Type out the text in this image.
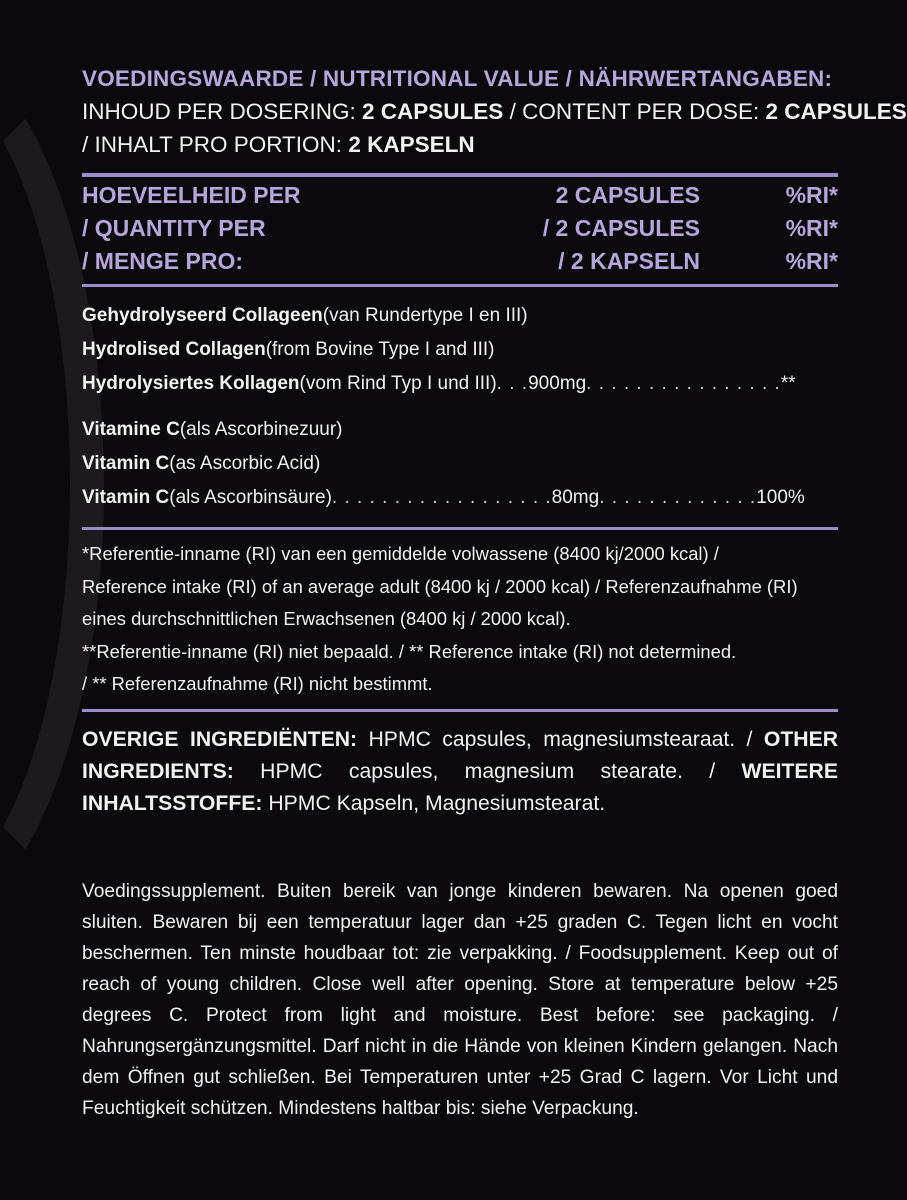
VOEDINGSWAARDE / NUTRITIONAL VALUE / NÄHRWERTANGABEN:
INHOUD PER DOSERING: 2 CAPSULES / CONTENT PER DOSE: 2 CAPSULES
/ INHALT PRO PORTION: 2 KAPSELN
HOEVEELHEID PER	2 CAPSULES	%RI*
/ QUANTITY PER	/ 2 CAPSULES	%RI*
/ MENGE PRO:	/ 2 KAPSELN	%RI*
Gehydrolyseerd Collageen (van Rundertype I en III)
Hydrolised Collagen (from Bovine Type I and III)
Hydrolysiertes Kollagen (vom Rind Typ I und III) . . . 900mg . . . . . . . . . . . . . . . . **
Vitamine C (als Ascorbinezuur)
Vitamin C (as Ascorbic Acid)
Vitamin C (als Ascorbinsäure) . . . . . . . . . . . . . . . . . . 80mg . . . . . . . . . . . . . 100%
*Referentie-inname (RI) van een gemiddelde volwassene (8400 kj/2000 kcal) /
Reference intake (RI) of an average adult (8400 kj / 2000 kcal) / Referenzaufnahme (RI)
eines durchschnittlichen Erwachsenen (8400 kj / 2000 kcal).
**Referentie-inname (RI) niet bepaald. / ** Reference intake (RI) not determined.
/ ** Referenzaufnahme (RI) nicht bestimmt.
OVERIGE INGREDIËNTEN: HPMC capsules, magnesiumstearaat. / OTHER INGREDIENTS: HPMC capsules, magnesium stearate. / WEITERE INHALTSSTOFFE: HPMC Kapseln, Magnesiumstearat.
Voedingssupplement. Buiten bereik van jonge kinderen bewaren. Na openen goed sluiten. Bewaren bij een temperatuur lager dan +25 graden C. Tegen licht en vocht beschermen. Ten minste houdbaar tot: zie verpakking. / Foodsupplement. Keep out of reach of young children. Close well after opening. Store at temperature below +25 degrees C. Protect from light and moisture. Best before: see packaging. / Nahrungsergänzungsmittel. Darf nicht in die Hände von kleinen Kindern gelangen. Nach dem Öffnen gut schließen. Bei Temperaturen unter +25 Grad C lagern. Vor Licht und Feuchtigkeit schützen. Mindestens haltbar bis: siehe Verpackung.
